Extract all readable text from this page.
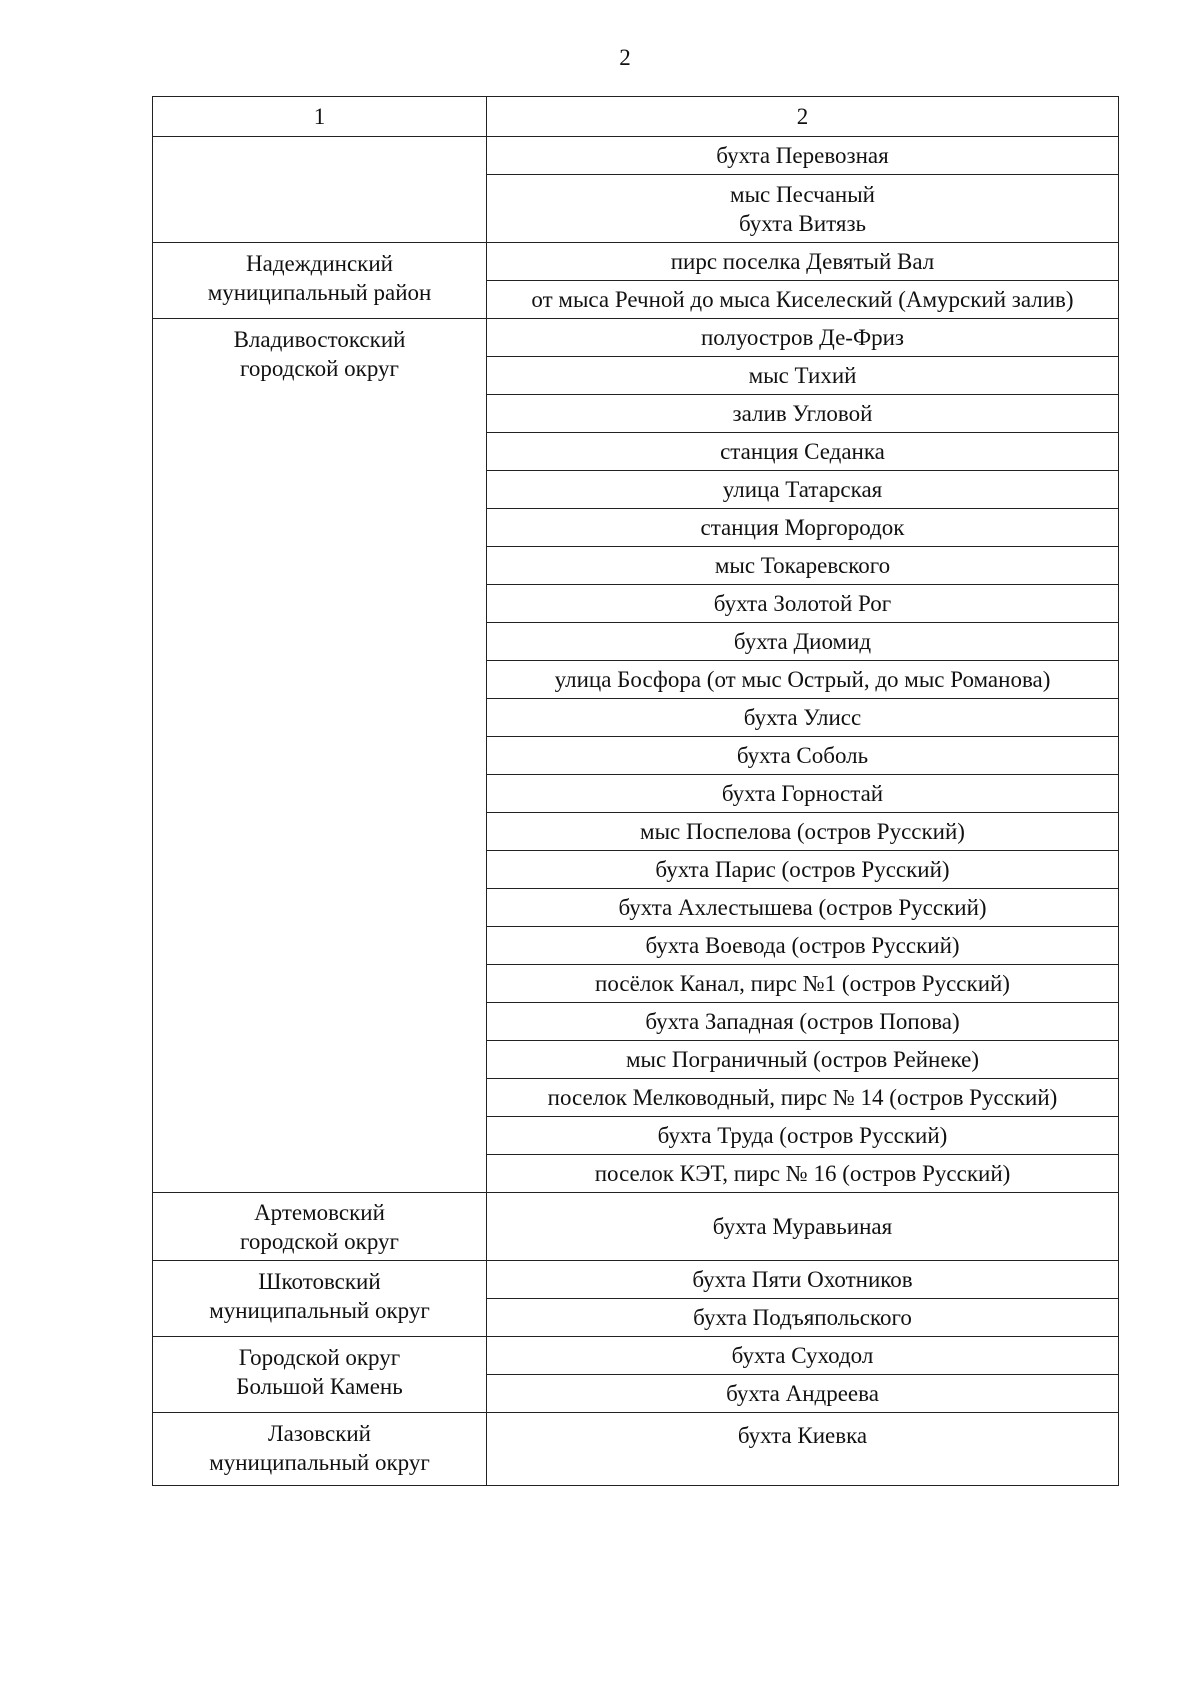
2
1	2

	бухта Перевозная

	мыс Песчаный
бухта Витязь

Надеждинский
муниципальный район	пирс поселка Девятый Вал

	от мыса Речной до мыса Киселеский (Амурский залив)

Владивостокский
городской округ	полуостров Де-Фриз

	мыс Тихий

	залив Угловой

	станция Седанка

	улица Татарская

	станция Моргородок

	мыс Токаревского

	бухта Золотой Рог

	бухта Диомид

	улица Босфора (от мыс Острый, до мыс Романова)

	бухта Улисс

	бухта Соболь

	бухта Горностай

	мыс Поспелова (остров Русский)

	бухта Парис (остров Русский)

	бухта Ахлестышева (остров Русский)

	бухта Воевода (остров Русский)

	посёлок Канал, пирс №1 (остров Русский)

	бухта Западная (остров Попова)

	мыс Пограничный (остров Рейнеке)

	поселок Мелководный, пирс № 14 (остров Русский)

	бухта Труда (остров Русский)

	поселок КЭТ, пирс № 16 (остров Русский)

Артемовский
городской округ	бухта Муравьиная

Шкотовский
муниципальный округ	бухта Пяти Охотников

	бухта Подъяпольского

Городской округ
Большой Камень	бухта Суходол

	бухта Андреева

Лазовский
муниципальный округ	бухта Киевка
